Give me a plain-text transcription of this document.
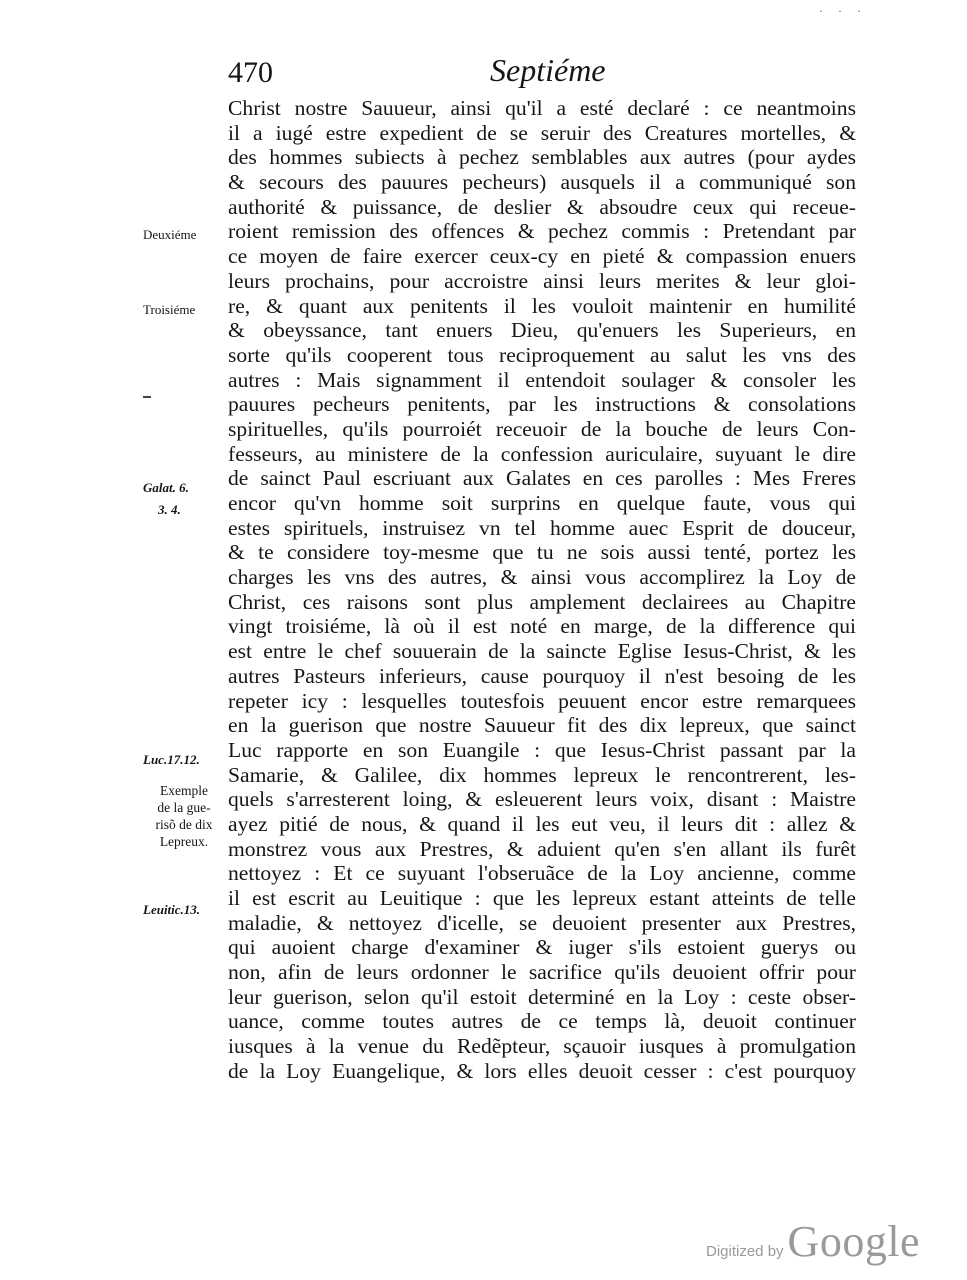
· · ·
470	Septiéme
Deuxiéme
Troisiéme
Galat. 6.
3. 4.
Luc.17.12.
Exemple
de la gue-
risõ de dix
Lepreux.
Leuitic.13.
Christ nostre Sauueur, ainsi qu'il a esté declaré : ce neantmoins
il a iugé estre expedient de se seruir des Creatures mortelles, &
des hommes subiects à pechez semblables aux autres (pour aydes
& secours des pauures pecheurs) ausquels il a communiqué son
authorité & puissance, de deslier & absoudre ceux qui receue-
roient remission des offences & pechez commis : Pretendant par
ce moyen de faire exercer ceux-cy en pieté & compassion enuers
leurs prochains, pour accroistre ainsi leurs merites & leur gloi-
re, & quant aux penitents il les vouloit maintenir en humilité
& obeyssance, tant enuers Dieu, qu'enuers les Superieurs, en
sorte qu'ils cooperent tous reciproquement au salut les vns des
autres : Mais signamment il entendoit soulager & consoler les
pauures pecheurs penitents, par les instructions & consolations
spirituelles, qu'ils pourroiét receuoir de la bouche de leurs Con-
fesseurs, au ministere de la confession auriculaire, suyuant le dire
de sainct Paul escriuant aux Galates en ces parolles : Mes Freres
encor qu'vn homme soit surprins en quelque faute, vous qui
estes spirituels, instruisez vn tel homme auec Esprit de douceur,
& te considere toy-mesme que tu ne sois aussi tenté, portez les
charges les vns des autres, & ainsi vous accomplirez la Loy de
Christ, ces raisons sont plus amplement declairees au Chapitre
vingt troisiéme, là où il est noté en marge, de la difference qui
est entre le chef souuerain de la saincte Eglise Iesus-Christ, & les
autres Pasteurs inferieurs, cause pourquoy il n'est besoing de les
repeter icy : lesquelles toutesfois peuuent encor estre remarquees
en la guerison que nostre Sauueur fit des dix lepreux, que sainct
Luc rapporte en son Euangile : que Iesus-Christ passant par la
Samarie, & Galilee, dix hommes lepreux le rencontrerent, les-
quels s'arresterent loing, & esleuerent leurs voix, disant : Maistre
ayez pitié de nous, & quand il les eut veu, il leurs dit : allez &
monstrez vous aux Prestres, & aduient qu'en s'en allant ils furêt
nettoyez : Et ce suyuant l'obseruãce de la Loy ancienne, comme
il est escrit au Leuitique : que les lepreux estant atteints de telle
maladie, & nettoyez d'icelle, se deuoient presenter aux Prestres,
qui auoient charge d'examiner & iuger s'ils estoient guerys ou
non, afin de leurs ordonner le sacrifice qu'ils deuoient offrir pour
leur guerison, selon qu'il estoit determiné en la Loy : ceste obser-
uance, comme toutes autres de ce temps là, deuoit continuer
iusques à la venue du Redẽpteur, sçauoir iusques à promulgation
de la Loy Euangelique, & lors elles deuoit cesser : c'est pourquoy
Digitized by Google
